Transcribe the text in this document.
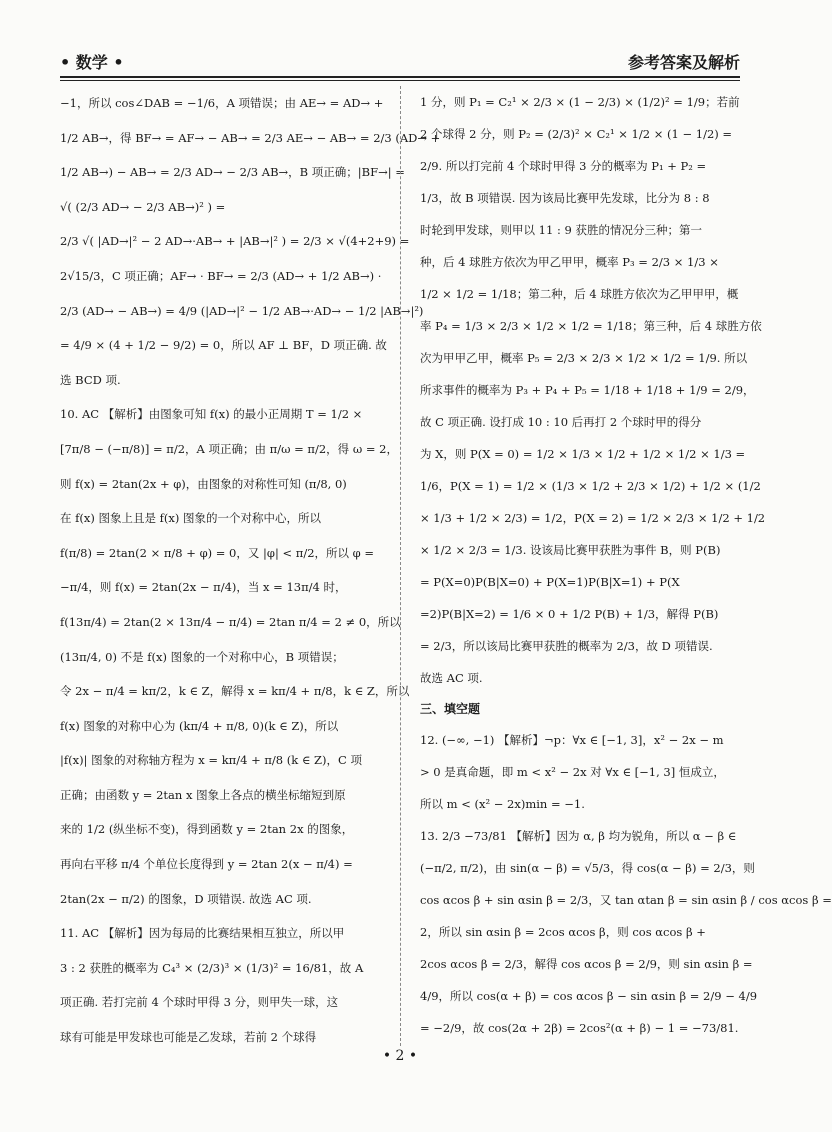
• 数学 •	参考答案及解析
−1，所以 cos∠DAB = −1/6，A 项错误；由 AE→ = AD→ +
1/2 AB→，得 BF→ = AF→ − AB→ = 2/3 AE→ − AB→ = 2/3 (AD→ +
1/2 AB→) − AB→ = 2/3 AD→ − 2/3 AB→，B 项正确；|BF→| =
√( (2/3 AD→ − 2/3 AB→)² ) =
2/3 √( |AD→|² − 2 AD→·AB→ + |AB→|² ) = 2/3 × √(4+2+9) =
2√15/3，C 项正确；AF→ · BF→ = 2/3 (AD→ + 1/2 AB→) ·
2/3 (AD→ − AB→) = 4/9 (|AD→|² − 1/2 AB→·AD→ − 1/2 |AB→|²)
= 4/9 × (4 + 1/2 − 9/2) = 0，所以 AF ⊥ BF，D 项正确. 故
选 BCD 项.
10. AC 【解析】由图象可知 f(x) 的最小正周期 T = 1/2 ×
[7π/8 − (−π/8)] = π/2，A 项正确；由 π/ω = π/2，得 ω = 2，
则 f(x) = 2tan(2x + φ)，由图象的对称性可知 (π/8, 0)
在 f(x) 图象上且是 f(x) 图象的一个对称中心，所以
f(π/8) = 2tan(2 × π/8 + φ) = 0，又 |φ| < π/2，所以 φ =
−π/4，则 f(x) = 2tan(2x − π/4)，当 x = 13π/4 时，
f(13π/4) = 2tan(2 × 13π/4 − π/4) = 2tan π/4 = 2 ≠ 0，所以
(13π/4, 0) 不是 f(x) 图象的一个对称中心，B 项错误；
令 2x − π/4 = kπ/2，k ∈ Z，解得 x = kπ/4 + π/8，k ∈ Z，所以
f(x) 图象的对称中心为 (kπ/4 + π/8, 0)(k ∈ Z)，所以
|f(x)| 图象的对称轴方程为 x = kπ/4 + π/8 (k ∈ Z)，C 项
正确；由函数 y = 2tan x 图象上各点的横坐标缩短到原
来的 1/2 (纵坐标不变)，得到函数 y = 2tan 2x 的图象，
再向右平移 π/4 个单位长度得到 y = 2tan 2(x − π/4) =
2tan(2x − π/2) 的图象，D 项错误. 故选 AC 项.
11. AC 【解析】因为每局的比赛结果相互独立，所以甲
3 : 2 获胜的概率为 C₄³ × (2/3)³ × (1/3)² = 16/81，故 A
项正确. 若打完前 4 个球时甲得 3 分，则甲失一球，这
球有可能是甲发球也可能是乙发球，若前 2 个球得
1 分，则 P₁ = C₂¹ × 2/3 × (1 − 2/3) × (1/2)² = 1/9；若前
2 个球得 2 分，则 P₂ = (2/3)² × C₂¹ × 1/2 × (1 − 1/2) =
2/9. 所以打完前 4 个球时甲得 3 分的概率为 P₁ + P₂ =
1/3，故 B 项错误. 因为该局比赛甲先发球，比分为 8 : 8
时轮到甲发球，则甲以 11 : 9 获胜的情况分三种；第一
种，后 4 球胜方依次为甲乙甲甲，概率 P₃ = 2/3 × 1/3 ×
1/2 × 1/2 = 1/18；第二种，后 4 球胜方依次为乙甲甲甲，概
率 P₄ = 1/3 × 2/3 × 1/2 × 1/2 = 1/18；第三种，后 4 球胜方依
次为甲甲乙甲，概率 P₅ = 2/3 × 2/3 × 1/2 × 1/2 = 1/9. 所以
所求事件的概率为 P₃ + P₄ + P₅ = 1/18 + 1/18 + 1/9 = 2/9，
故 C 项正确. 设打成 10 : 10 后再打 2 个球时甲的得分
为 X，则 P(X = 0) = 1/2 × 1/3 × 1/2 + 1/2 × 1/2 × 1/3 =
1/6，P(X = 1) = 1/2 × (1/3 × 1/2 + 2/3 × 1/2) + 1/2 × (1/2
× 1/3 + 1/2 × 2/3) = 1/2，P(X = 2) = 1/2 × 2/3 × 1/2 + 1/2
× 1/2 × 2/3 = 1/3. 设该局比赛甲获胜为事件 B，则 P(B)
= P(X=0)P(B|X=0) + P(X=1)P(B|X=1) + P(X
=2)P(B|X=2) = 1/6 × 0 + 1/2 P(B) + 1/3，解得 P(B)
= 2/3，所以该局比赛甲获胜的概率为 2/3，故 D 项错误.
故选 AC 项.
三、填空题
12. (−∞, −1) 【解析】¬p：∀x ∈ [−1, 3]，x² − 2x − m
> 0 是真命题，即 m < x² − 2x 对 ∀x ∈ [−1, 3] 恒成立，
所以 m < (x² − 2x)min = −1.
13. 2/3 −73/81 【解析】因为 α, β 均为锐角，所以 α − β ∈
(−π/2, π/2)，由 sin(α − β) = √5/3，得 cos(α − β) = 2/3，则
cos αcos β + sin αsin β = 2/3，又 tan αtan β = sin αsin β / cos αcos β =
2，所以 sin αsin β = 2cos αcos β，则 cos αcos β +
2cos αcos β = 2/3，解得 cos αcos β = 2/9，则 sin αsin β =
4/9，所以 cos(α + β) = cos αcos β − sin αsin β = 2/9 − 4/9
= −2/9，故 cos(2α + 2β) = 2cos²(α + β) − 1 = −73/81.
• 2 •
